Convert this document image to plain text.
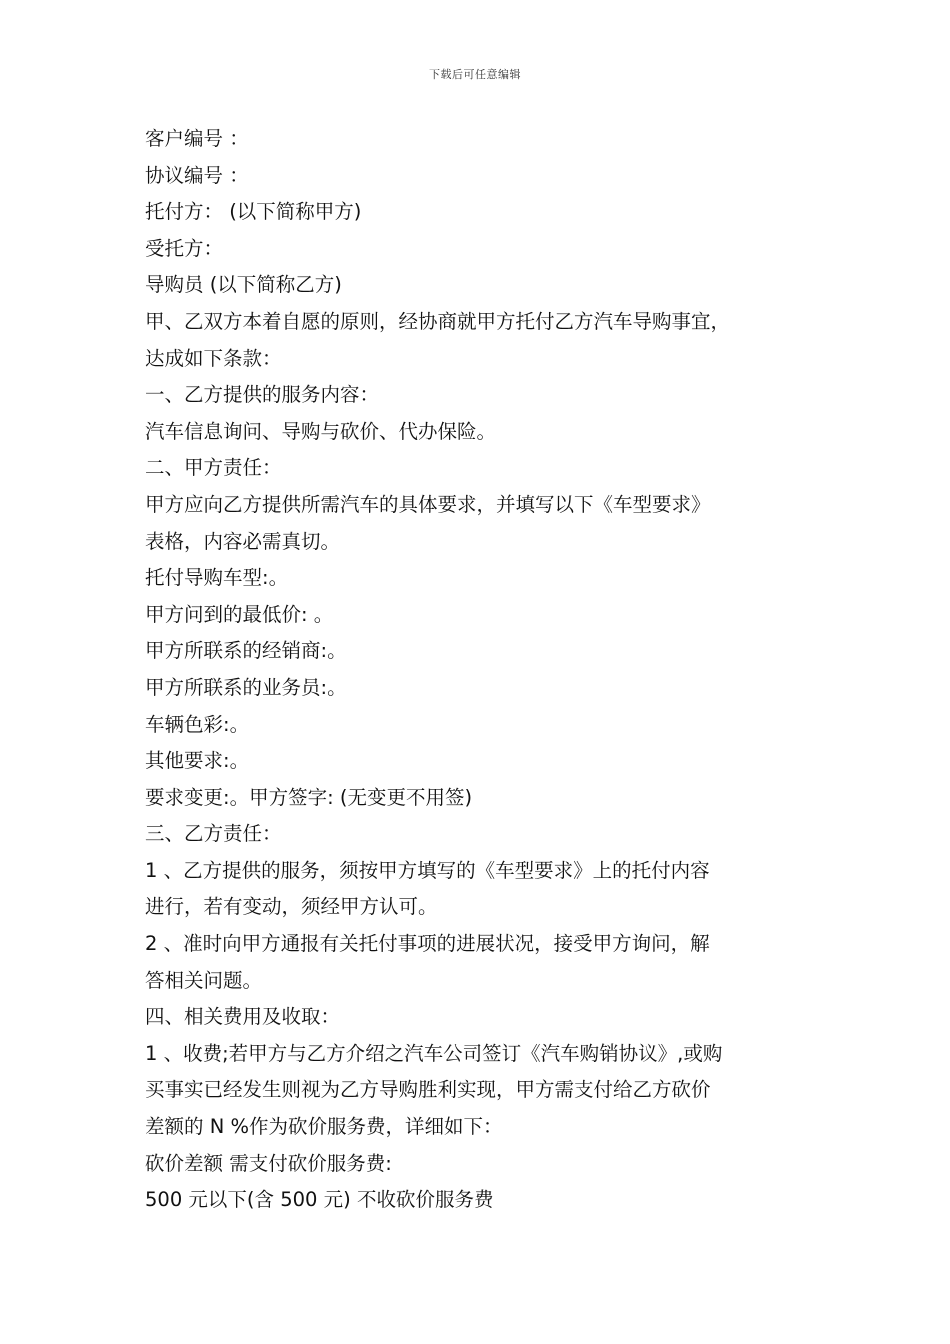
下载后可任意编辑

客户编号 ：

协议编号 ：

托付方： (以下简称甲方)

受托方：

导购员 (以下简称乙方)

甲、乙双方本着自愿的原则，经协商就甲方托付乙方汽车导购事宜，

达成如下条款：

一、乙方提供的服务内容：

汽车信息询问、导购与砍价、代办保险。

二、甲方责任：

甲方应向乙方提供所需汽车的具体要求，并填写以下《车型要求》

表格，内容必需真切。

托付导购车型:。

甲方问到的最低价: 。

甲方所联系的经销商:。

甲方所联系的业务员:。

车辆色彩:。

其他要求:。

要求变更:。甲方签字: (无变更不用签)

三、乙方责任：

1 、乙方提供的服务，须按甲方填写的《车型要求》上的托付内容

进行，若有变动，须经甲方认可。

2 、准时向甲方通报有关托付事项的进展状况，接受甲方询问，解

答相关问题。

四、相关费用及收取：

1 、收费;若甲方与乙方介绍之汽车公司签订《汽车购销协议》,或购

买事实已经发生则视为乙方导购胜利实现，甲方需支付给乙方砍价

差额的 N %作为砍价服务费，详细如下：

砍价差额 需支付砍价服务费:

500 元以下(含 500 元) 不收砍价服务费
